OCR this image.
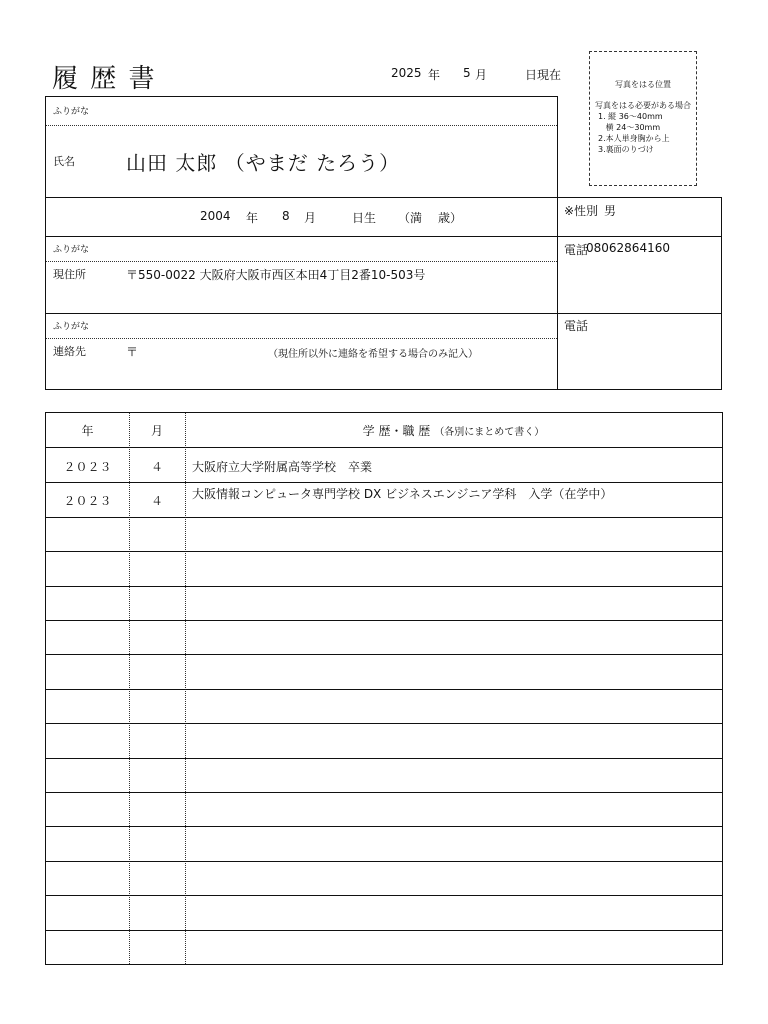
履 歴 書	2025 年 5 月	日現在
写真をはる位置
写真をはる必要がある場合
1. 縦 36～40mm
横 24～30mm
2.本人単身胸から上
3.裏面のりづけ
ふりがな
氏名	山田 太郎 （やまだ たろう）
2004 年 8 月	日生 （満 歳）	※性別 男
ふりがな
現住所	〒550-0022 大阪府大阪市西区本田4丁目2番10-503号
電話
08062864160
ふりがな
連絡先	〒	（現住所以外に連絡を希望する場合のみ記入）
電話
年	月	学 歴・職 歴 （各別にまとめて書く）
２０２３	４	大阪府立大学附属高等学校　卒業
２０２３	４	大阪情報コンピュータ専門学校 DX ビジネスエンジニア学科　入学（在学中）
